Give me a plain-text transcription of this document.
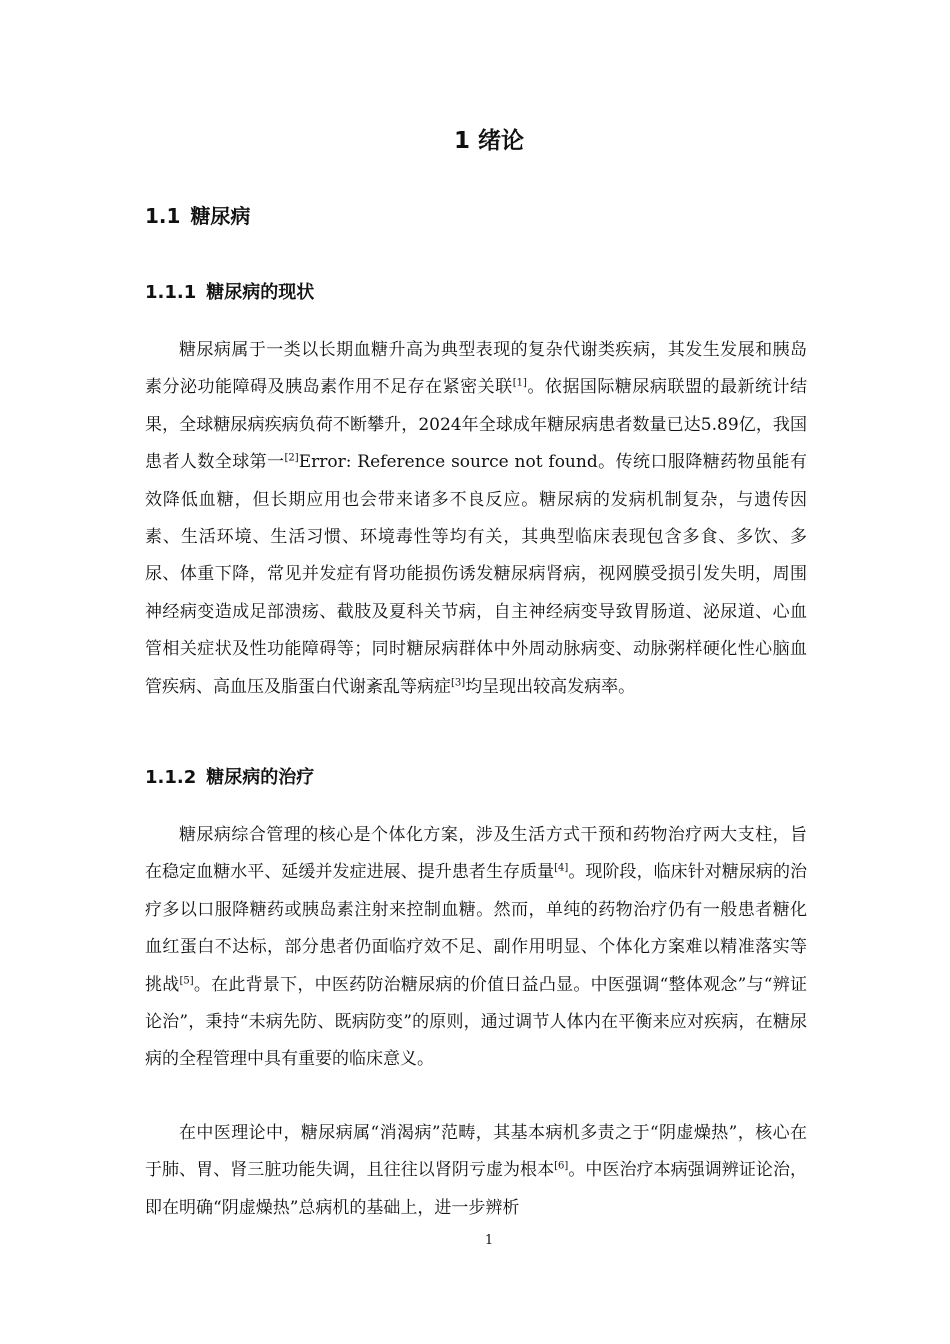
1 绪论
1.1 糖尿病
1.1.1 糖尿病的现状

糖尿病属于一类以长期血糖升高为典型表现的复杂代谢类疾病，其发生发展和胰岛素分泌功能障碍及胰岛素作用不足存在紧密关联[1]。依据国际糖尿病联盟的最新统计结果，全球糖尿病疾病负荷不断攀升，2024年全球成年糖尿病患者数量已达5.89亿，我国患者人数全球第一[2]Error: Reference source not found。传统口服降糖药物虽能有效降低血糖，但长期应用也会带来诸多不良反应。糖尿病的发病机制复杂，与遗传因素、生活环境、生活习惯、环境毒性等均有关，其典型临床表现包含多食、多饮、多尿、体重下降，常见并发症有肾功能损伤诱发糖尿病肾病，视网膜受损引发失明，周围神经病变造成足部溃疡、截肢及夏科关节病，自主神经病变导致胃肠道、泌尿道、心血管相关症状及性功能障碍等；同时糖尿病群体中外周动脉病变、动脉粥样硬化性心脑血管疾病、高血压及脂蛋白代谢紊乱等病症[3]均呈现出较高发病率。

1.1.2 糖尿病的治疗

糖尿病综合管理的核心是个体化方案，涉及生活方式干预和药物治疗两大支柱，旨在稳定血糖水平、延缓并发症进展、提升患者生存质量[4]。现阶段，临床针对糖尿病的治疗多以口服降糖药或胰岛素注射来控制血糖。然而，单纯的药物治疗仍有一般患者糖化血红蛋白不达标，部分患者仍面临疗效不足、副作用明显、个体化方案难以精准落实等挑战[5]。在此背景下，中医药防治糖尿病的价值日益凸显。中医强调“整体观念”与“辨证论治”，秉持“未病先防、既病防变”的原则，通过调节人体内在平衡来应对疾病，在糖尿病的全程管理中具有重要的临床意义。

在中医理论中，糖尿病属“消渴病”范畴，其基本病机多责之于“阴虚燥热”，核心在于肺、胃、肾三脏功能失调，且往往以肾阴亏虚为根本[6]。中医治疗本病强调辨证论治，即在明确“阴虚燥热”总病机的基础上，进一步辨析

1
